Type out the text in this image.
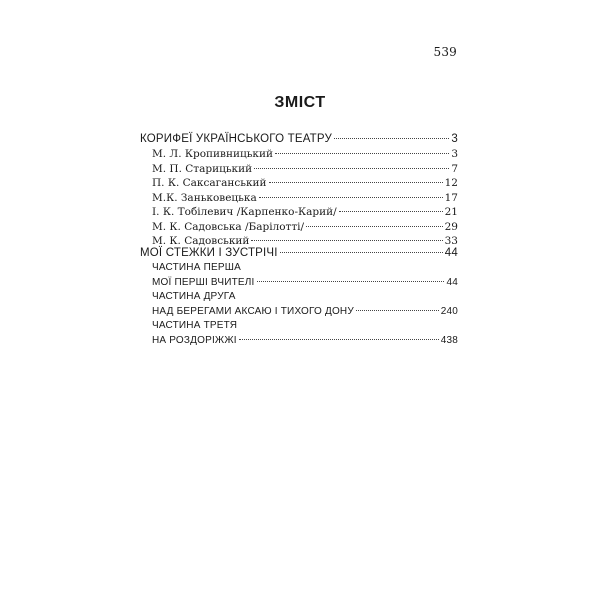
539
ЗМІСТ
КОРИФЕЇ УКРАЇНСЬКОГО ТЕАТРУ	3
М. Л. Кропивницький	3
М. П. Старицький	7
П. К. Саксаганський	12
М.К. Заньковецька	17
І. К. Тобілевич /Карпенко-Карий/	21
М. К. Садовська /Барілотті/	29
М. К. Садовський	33
МОЇ СТЕЖКИ І ЗУСТРІЧІ	44
ЧАСТИНА ПЕРША
МОЇ ПЕРШІ ВЧИТЕЛІ	44
ЧАСТИНА ДРУГА
НАД БЕРЕГАМИ АКСАЮ І ТИХОГО ДОНУ	240
ЧАСТИНА ТРЕТЯ
НА РОЗДОРІЖЖІ	438
